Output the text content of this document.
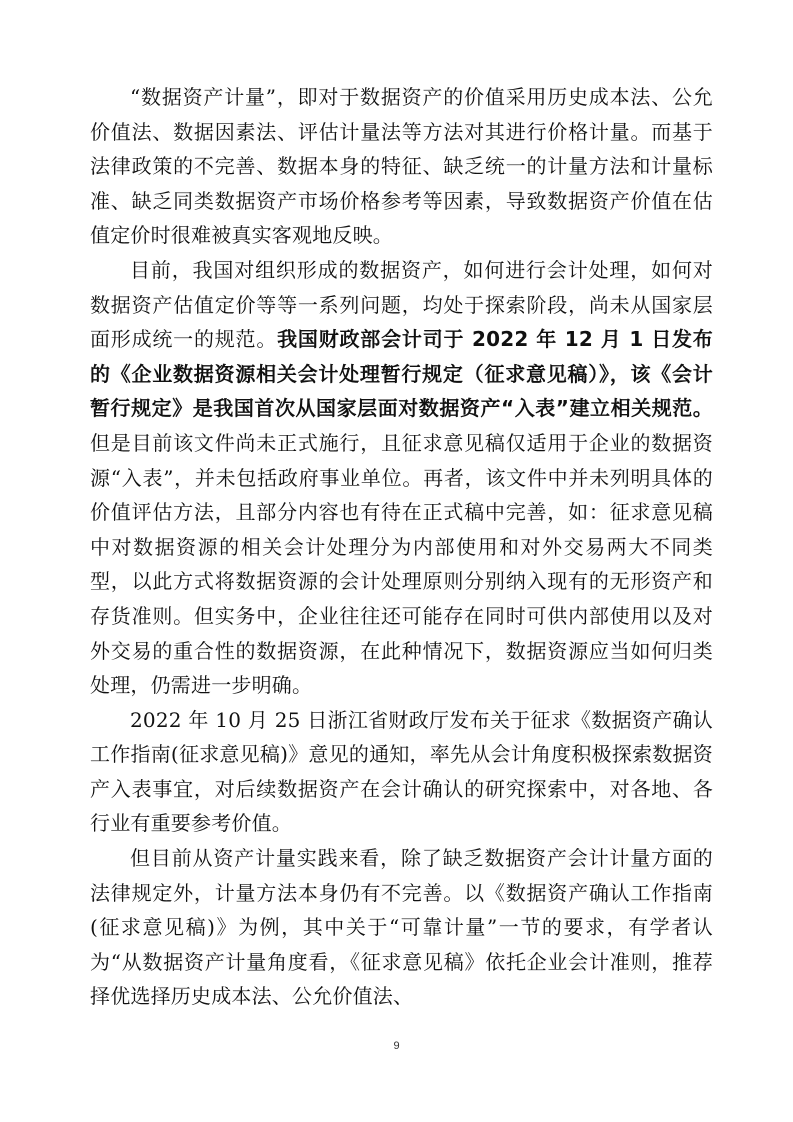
“数据资产计量”，即对于数据资产的价值采用历史成本法、公允价值法、数据因素法、评估计量法等方法对其进行价格计量。而基于法律政策的不完善、数据本身的特征、缺乏统一的计量方法和计量标准、缺乏同类数据资产市场价格参考等因素，导致数据资产价值在估值定价时很难被真实客观地反映。

目前，我国对组织形成的数据资产，如何进行会计处理，如何对数据资产估值定价等等一系列问题，均处于探索阶段，尚未从国家层面形成统一的规范。我国财政部会计司于 2022 年 12 月 1 日发布的《企业数据资源相关会计处理暂行规定（征求意见稿）》，该《会计暂行规定》是我国首次从国家层面对数据资产“入表”建立相关规范。但是目前该文件尚未正式施行，且征求意见稿仅适用于企业的数据资源“入表”，并未包括政府事业单位。再者，该文件中并未列明具体的价值评估方法，且部分内容也有待在正式稿中完善，如：征求意见稿中对数据资源的相关会计处理分为内部使用和对外交易两大不同类型，以此方式将数据资源的会计处理原则分别纳入现有的无形资产和存货准则。但实务中，企业往往还可能存在同时可供内部使用以及对外交易的重合性的数据资源，在此种情况下，数据资源应当如何归类处理，仍需进一步明确。

2022 年 10 月 25 日浙江省财政厅发布关于征求《数据资产确认工作指南(征求意见稿)》意见的通知，率先从会计角度积极探索数据资产入表事宜，对后续数据资产在会计确认的研究探索中，对各地、各行业有重要参考价值。

但目前从资产计量实践来看，除了缺乏数据资产会计计量方面的法律规定外，计量方法本身仍有不完善。以《数据资产确认工作指南(征求意见稿)》为例，其中关于“可靠计量”一节的要求，有学者认为“从数据资产计量角度看，《征求意见稿》依托企业会计准则，推荐择优选择历史成本法、公允价值法、

9
